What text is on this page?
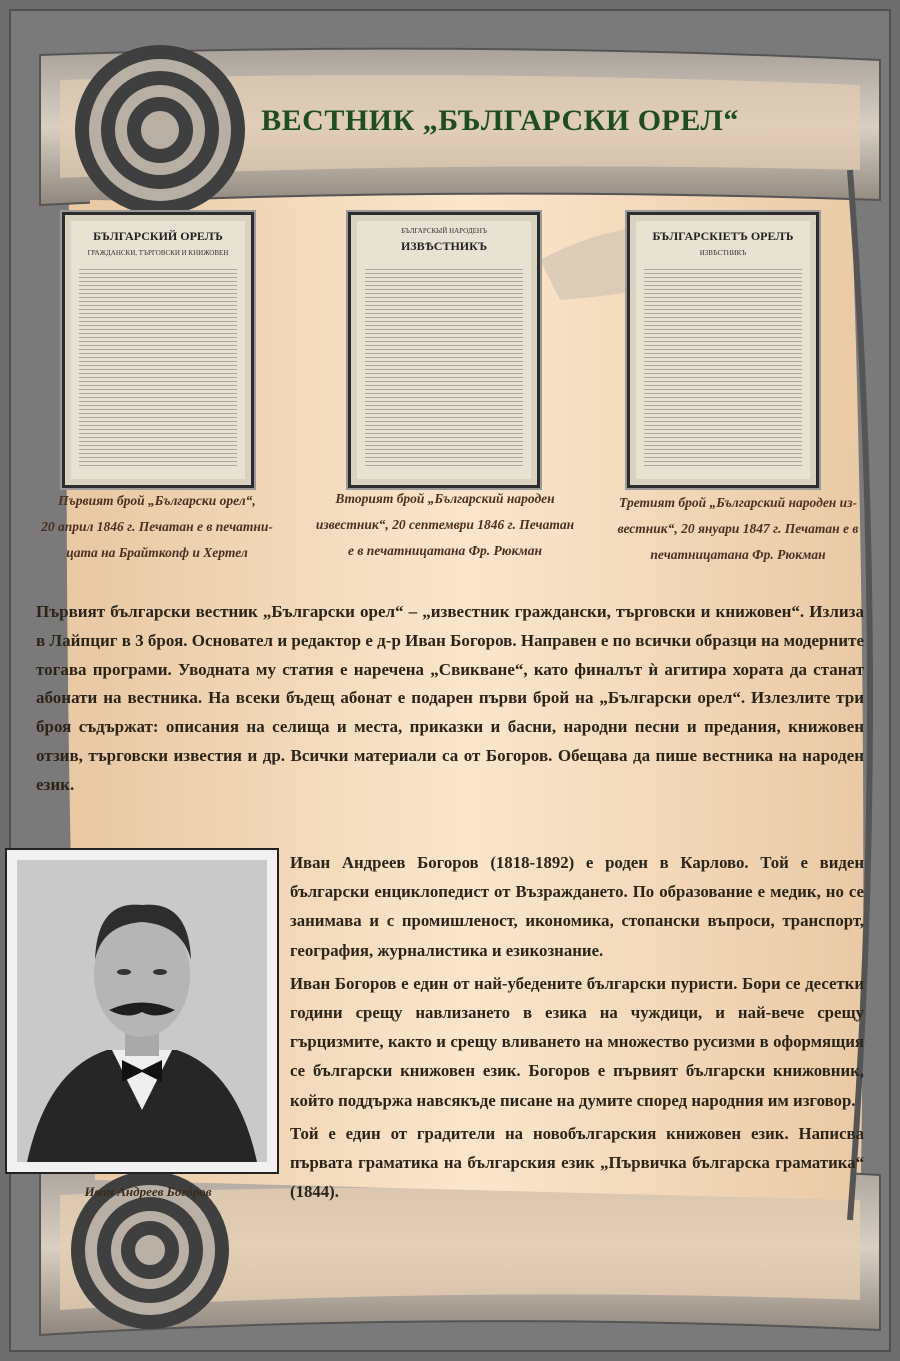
ВЕСТНИК „БЪЛГАРСКИ ОРЕЛ“
БЪЛГАРСКИЙ ОРЕЛЪ
ГРАЖДАНСКИ, ТЪРГОВСКИ И КНИЖОВЕН
БЪЛГАРСКЫЙ НАРОДЕНЪ
ИЗВѢСТНИКЪ
БЪЛГАРСКІЕТЪ ОРЕЛЪ
ИЗВѢСТНИКЪ
Първият брой „Български орел“,
20 април 1846 г. Печатан е в печатни-
цата на Брайткопф и Хертел
Вторият брой „Българский народен
известник“, 20 септември 1846 г. Печатан
е в печатницатана Фр. Рюкман
Третият брой „Българский народен из-
вестник“, 20 януари 1847 г. Печатан е в
печатницатана Фр. Рюкман
Първият български вестник „Български орел“ – „известник граждански, търговски и книжовен“. Излиза в Лайпциг в 3 броя. Основател и редактор е д-р Иван Богоров. Направен е по всички образци на модерните тогава програми. Уводната му статия е наречена „Свикване“, като финалът ѝ агитира хората да станат абонати на вестника. На всеки бъдещ абонат е подарен първи брой на „Български орел“. Излезлите три броя съдържат: описания на селища и места, приказки и басни, народни песни и предания, книжовен отзив, търговски известия и др. Всички материали са от Богоров. Обещава да пише вестника на народен език.
Иван Андреев Богóров

Иван Андреев Богоров (1818-1892) е роден в Карлово. Той е виден български енциклопедист от Възраждането. По образование е медик, но се занимава и с промишленост, икономика, стопански въпроси, транспорт, география, журналистика и езикознание.

Иван Богоров е един от най-убедените български пуристи. Бори се десетки години срещу навлизането в езика на чуждици, и най-вече срещу гърцизмите, както и срещу вливането на множество русизми в оформящия се български книжовен език. Богоров е първият български книжовник, който поддържа навсякъде писане на думите според народния им изговор.

Той е един от градители на новобългарския книжовен език. Написва първата граматика на българския език „Първичка българска граматика“ (1844).
